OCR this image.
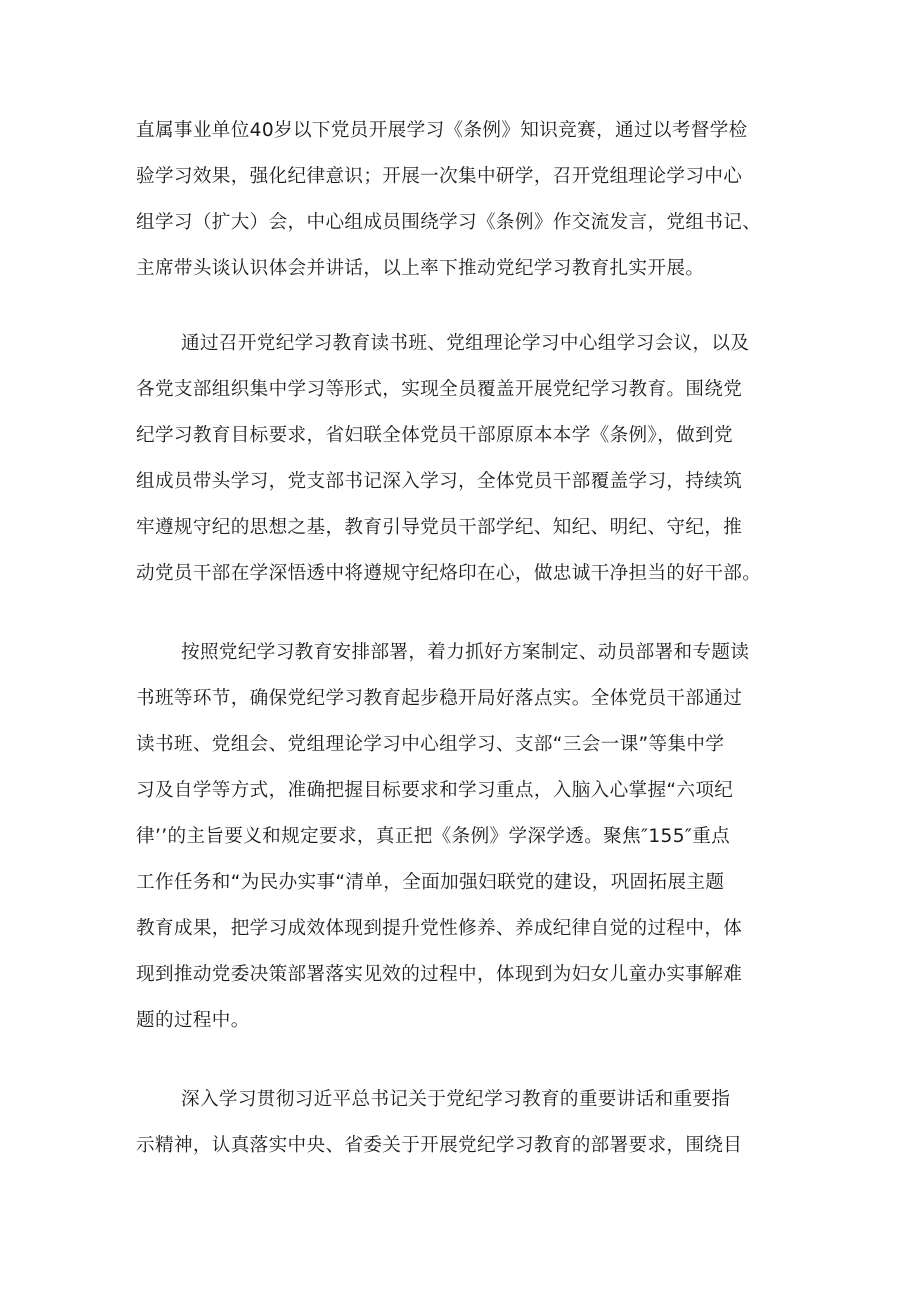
直属事业单位40岁以下党员开展学习《条例》知识竞赛，通过以考督学检
验学习效果，强化纪律意识；开展一次集中研学，召开党组理论学习中心
组学习（扩大）会，中心组成员围绕学习《条例》作交流发言，党组书记、
主席带头谈认识体会并讲话，以上率下推动党纪学习教育扎实开展。
通过召开党纪学习教育读书班、党组理论学习中心组学习会议，以及
各党支部组织集中学习等形式，实现全员覆盖开展党纪学习教育。围绕党
纪学习教育目标要求，省妇联全体党员干部原原本本学《条例》，做到党
组成员带头学习，党支部书记深入学习，全体党员干部覆盖学习，持续筑
牢遵规守纪的思想之基，教育引导党员干部学纪、知纪、明纪、守纪，推
动党员干部在学深悟透中将遵规守纪烙印在心，做忠诚干净担当的好干部。
按照党纪学习教育安排部署，着力抓好方案制定、动员部署和专题读
书班等环节，确保党纪学习教育起步稳开局好落点实。全体党员干部通过
读书班、党组会、党组理论学习中心组学习、支部“三会一课”等集中学
习及自学等方式，准确把握目标要求和学习重点，入脑入心掌握“六项纪
律’’的主旨要义和规定要求，真正把《条例》学深学透。聚焦″155″重点
工作任务和“为民办实事“清单，全面加强妇联党的建设，巩固拓展主题
教育成果，把学习成效体现到提升党性修养、养成纪律自觉的过程中，体
现到推动党委决策部署落实见效的过程中，体现到为妇女儿童办实事解难
题的过程中。
深入学习贯彻习近平总书记关于党纪学习教育的重要讲话和重要指
示精神，认真落实中央、省委关于开展党纪学习教育的部署要求，围绕目
